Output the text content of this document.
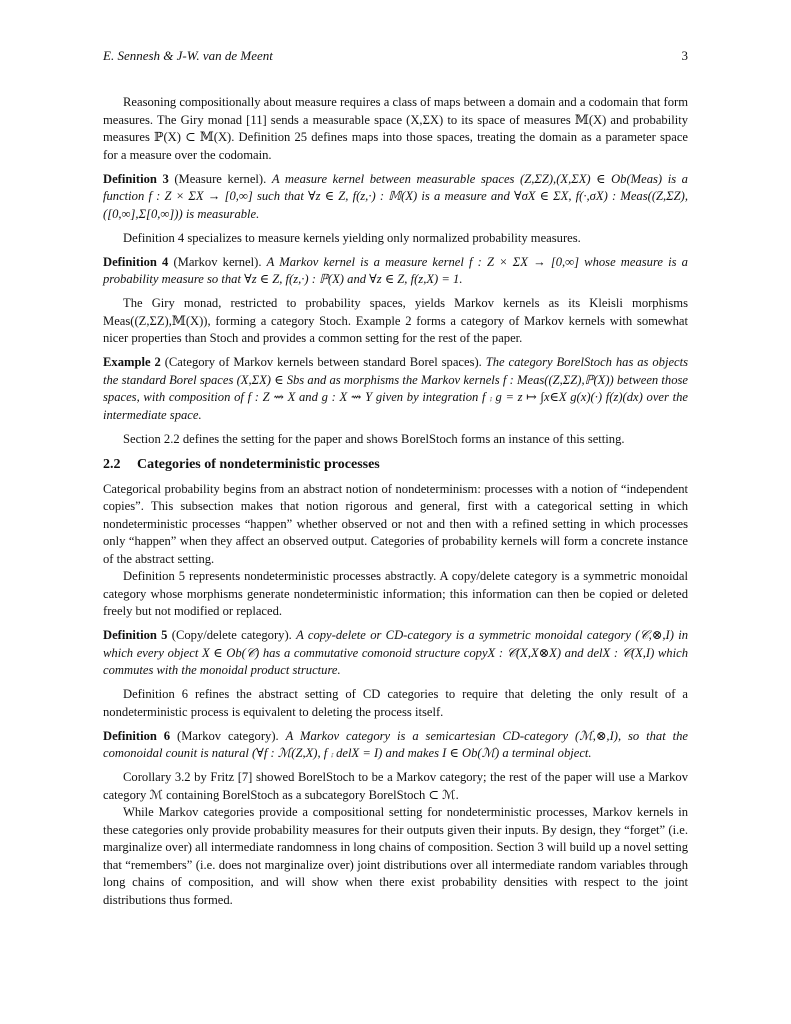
E. Sennesh & J-W. van de Meent	3

Reasoning compositionally about measure requires a class of maps between a domain and a codomain that form measures. The Giry monad [11] sends a measurable space (X,ΣX) to its space of measures 𝕄(X) and probability measures ℙ(X) ⊂ 𝕄(X). Definition 25 defines maps into those spaces, treating the domain as a parameter space for a measure over the codomain.

Definition 3 (Measure kernel). A measure kernel between measurable spaces (Z,ΣZ),(X,ΣX) ∈ Ob(Meas) is a function f : Z × ΣX → [0,∞] such that ∀z ∈ Z, f(z,·) : 𝕄(X) is a measure and ∀σX ∈ ΣX, f(·,σX) : Meas((Z,ΣZ),([0,∞],Σ[0,∞])) is measurable.

Definition 4 specializes to measure kernels yielding only normalized probability measures.

Definition 4 (Markov kernel). A Markov kernel is a measure kernel f : Z × ΣX → [0,∞] whose measure is a probability measure so that ∀z ∈ Z, f(z,·) : ℙ(X) and ∀z ∈ Z, f(z,X) = 1.

The Giry monad, restricted to probability spaces, yields Markov kernels as its Kleisli morphisms Meas((Z,ΣZ),𝕄(X)), forming a category Stoch. Example 2 forms a category of Markov kernels with somewhat nicer properties than Stoch and provides a common setting for the rest of the paper.

Example 2 (Category of Markov kernels between standard Borel spaces). The category BorelStoch has as objects the standard Borel spaces (X,ΣX) ∈ Sbs and as morphisms the Markov kernels f : Meas((Z,ΣZ),ℙ(X)) between those spaces, with composition of f : Z ⇝ X and g : X ⇝ Y given by integration f ⨾ g = z ↦ ∫x∈X g(x)(·) f(z)(dx) over the intermediate space.

Section 2.2 defines the setting for the paper and shows BorelStoch forms an instance of this setting.

2.2 Categories of nondeterministic processes

Categorical probability begins from an abstract notion of nondeterminism: processes with a notion of “independent copies”. This subsection makes that notion rigorous and general, first with a categorical setting in which nondeterministic processes “happen” whether observed or not and then with a refined setting in which processes only “happen” when they affect an observed output. Categories of probability kernels will form a concrete instance of the abstract setting.

Definition 5 represents nondeterministic processes abstractly. A copy/delete category is a symmetric monoidal category whose morphisms generate nondeterministic information; this information can then be copied or deleted freely but not modified or replaced.

Definition 5 (Copy/delete category). A copy-delete or CD-category is a symmetric monoidal category (𝒞,⊗,I) in which every object X ∈ Ob(𝒞) has a commutative comonoid structure copyX : 𝒞(X,X⊗X) and delX : 𝒞(X,I) which commutes with the monoidal product structure.

Definition 6 refines the abstract setting of CD categories to require that deleting the only result of a nondeterministic process is equivalent to deleting the process itself.

Definition 6 (Markov category). A Markov category is a semicartesian CD-category (ℳ,⊗,I), so that the comonoidal counit is natural (∀f : ℳ(Z,X), f ⨾ delX = I) and makes I ∈ Ob(ℳ) a terminal object.

Corollary 3.2 by Fritz [7] showed BorelStoch to be a Markov category; the rest of the paper will use a Markov category ℳ containing BorelStoch as a subcategory BorelStoch ⊂ ℳ.

While Markov categories provide a compositional setting for nondeterministic processes, Markov kernels in these categories only provide probability measures for their outputs given their inputs. By design, they “forget” (i.e. marginalize over) all intermediate randomness in long chains of composition. Section 3 will build up a novel setting that “remembers” (i.e. does not marginalize over) joint distributions over all intermediate random variables through long chains of composition, and will show when there exist probability densities with respect to the joint distributions thus formed.
